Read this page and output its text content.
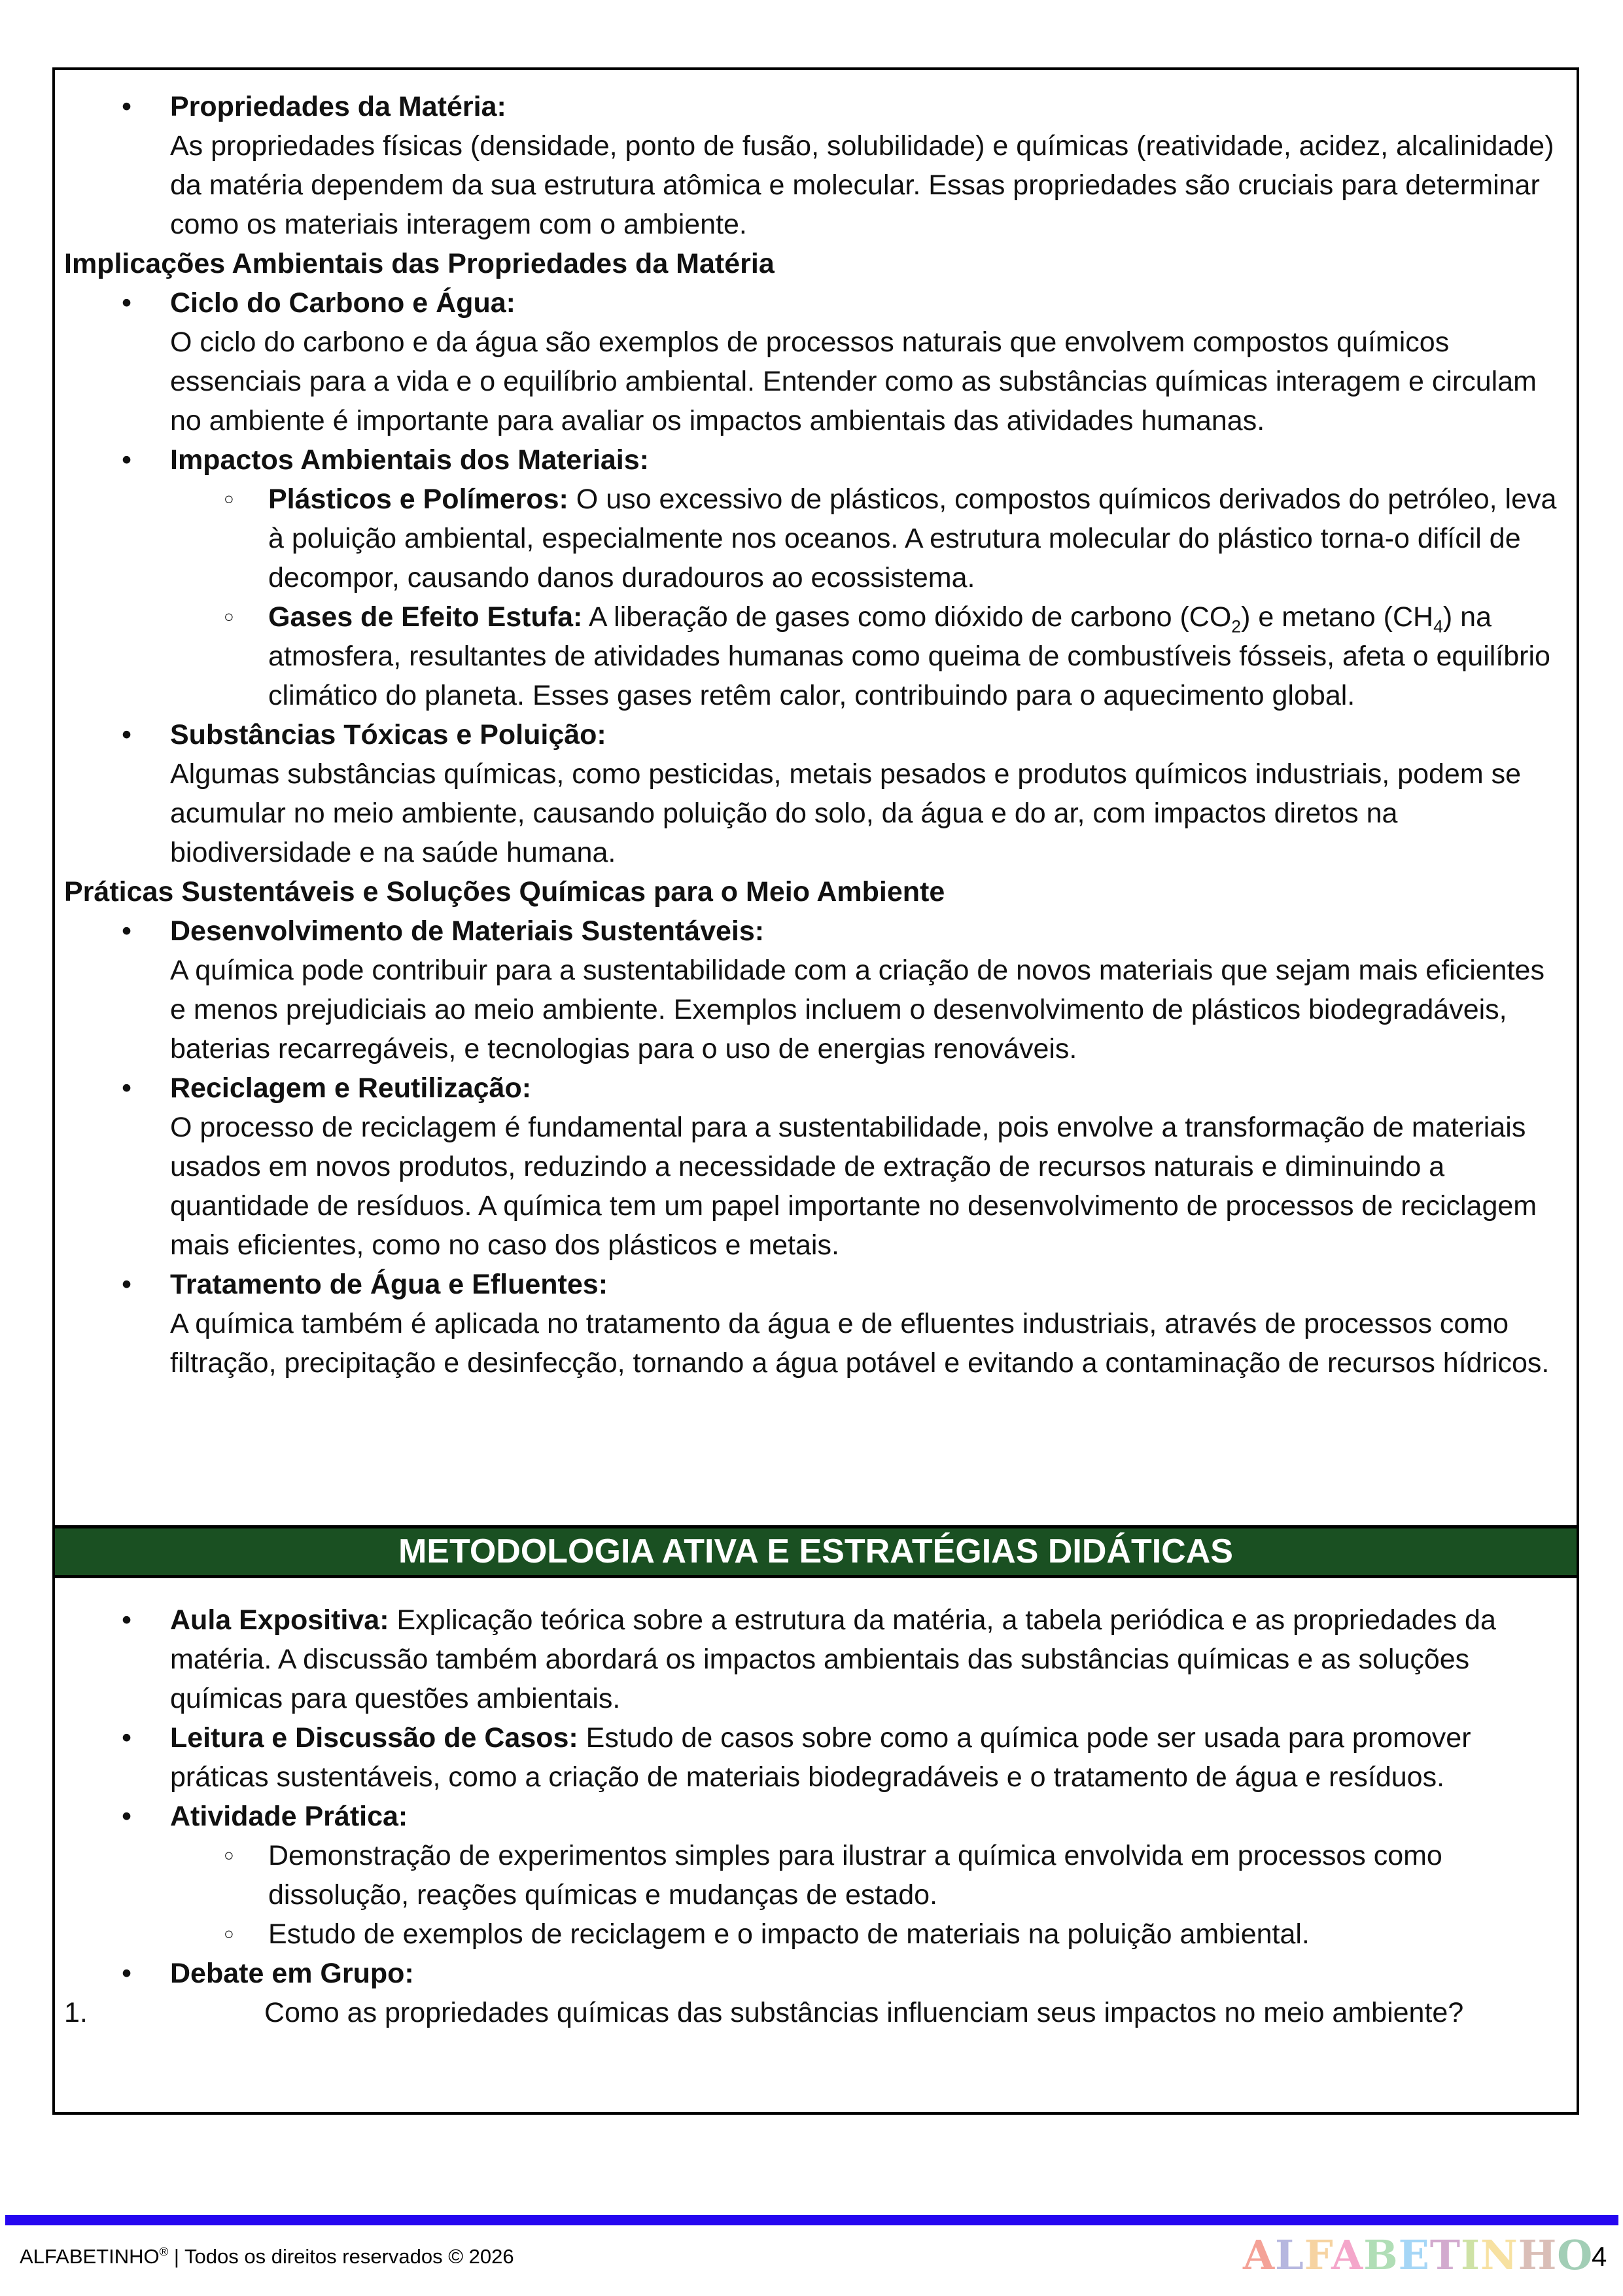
• Propriedades da Matéria:
As propriedades físicas (densidade, ponto de fusão, solubilidade) e químicas (reatividade, acidez, alcalinidade) da matéria dependem da sua estrutura atômica e molecular. Essas propriedades são cruciais para determinar como os materiais interagem com o ambiente.
Implicações Ambientais das Propriedades da Matéria
• Ciclo do Carbono e Água:
O ciclo do carbono e da água são exemplos de processos naturais que envolvem compostos químicos essenciais para a vida e o equilíbrio ambiental. Entender como as substâncias químicas interagem e circulam no ambiente é importante para avaliar os impactos ambientais das atividades humanas.
• Impactos Ambientais dos Materiais:
○ Plásticos e Polímeros: O uso excessivo de plásticos, compostos químicos derivados do petróleo, leva à poluição ambiental, especialmente nos oceanos. A estrutura molecular do plástico torna-o difícil de decompor, causando danos duradouros ao ecossistema.

○ Gases de Efeito Estufa: A liberação de gases como dióxido de carbono $(CO_2)$ e metano $(CH_4)$ na atmosfera, resultantes de atividades humanas como queima de combustíveis fósseis, afeta o equilíbrio climático do planeta. Esses gases retêm calor, contribuindo para o aquecimento global.

• Substâncias Tóxicas e Poluição:
Algumas substâncias químicas, como pesticidas, metais pesados e produtos químicos industriais, podem se acumular no meio ambiente, causando poluição do solo, da água e do ar, com impactos diretos na biodiversidade e na saúde humana.
Práticas Sustentáveis e Soluções Químicas para o Meio Ambiente
• Desenvolvimento de Materiais Sustentáveis:
A química pode contribuir para a sustentabilidade com a criação de novos materiais que sejam mais eficientes e menos prejudiciais ao meio ambiente. Exemplos incluem o desenvolvimento de plásticos biodegradáveis, baterias recarregáveis, e tecnologias para o uso de energias renováveis.
• Reciclagem e Reutilização:
O processo de reciclagem é fundamental para a sustentabilidade, pois envolve a transformação de materiais usados em novos produtos, reduzindo a necessidade de extração de recursos naturais e diminuindo a quantidade de resíduos. A química tem um papel importante no desenvolvimento de processos de reciclagem mais eficientes, como no caso dos plásticos e metais.
• Tratamento de Água e Efluentes:
A química também é aplicada no tratamento da água e de efluentes industriais, através de processos como filtração, precipitação e desinfecção, tornando a água potável e evitando a contaminação de recursos hídricos.
METODOLOGIA ATIVA E ESTRATÉGIAS DIDÁTICAS
• Aula Expositiva: Explicação teórica sobre a estrutura da matéria, a tabela periódica e as propriedades da matéria. A discussão também abordará os impactos ambientais das substâncias químicas e as soluções químicas para questões ambientais.

• Leitura e Discussão de Casos: Estudo de casos sobre como a química pode ser usada para promover práticas sustentáveis, como a criação de materiais biodegradáveis e o tratamento de água e resíduos.

• Atividade Prática:
○ Demonstração de experimentos simples para ilustrar a química envolvida em processos como dissolução, reações químicas e mudanças de estado.

○ Estudo de exemplos de reciclagem e o impacto de materiais na poluição ambiental.

• Debate em Grupo:
1.	Como as propriedades químicas das substâncias influenciam seus impactos no meio ambiente?
ALFABETINHO® | Todos os direitos reservados © 2026	ALFABETINHO
4
